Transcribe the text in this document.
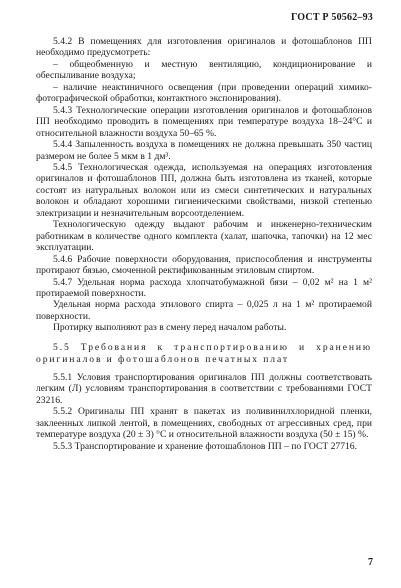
ГОСТ Р 50562–93

5.4.2 В помещениях для изготовления оригиналов и фотошаблонов ПП необходимо предусмотреть:

– общеобменную и местную вентиляцию, кондиционирование и обеспыливание воздуха;

– наличие неактиничного освещения (при проведении операций химико-фотографической обработки, контактного экспонирования).

5.4.3 Технологические операции изготовления оригиналов и фотошаблонов ПП необходимо проводить в помещениях при температуре воздуха 18–24°С и относительной влажности воздуха 50–65 %.

5.4.4 Запыленность воздуха в помещениях не должна превышать 350 частиц размером не более 5 мкм в 1 дм³.

5.4.5 Технологическая одежда, используемая на операциях изготовления оригиналов и фотошаблонов ПП, должна быть изготовлена из тканей, которые состоят из натуральных волокон или из смеси синтетических и натуральных волокон и обладают хорошими гигиеническими свойствами, низкой степенью электризации и незначительным ворсоотделением.

Технологическую одежду выдают рабочим и инженерно-техническим работникам в количестве одного комплекта (халат, шапочка, тапочки) на 12 мес эксплуатации.

5.4.6 Рабочие поверхности оборудования, приспособления и инструменты протирают бязью, смоченной ректификованным этиловым спиртом.

5.4.7 Удельная норма расхода хлопчатобумажной бязи – 0,02 м² на 1 м² протираемой поверхности.

Удельная норма расхода этилового спирта – 0,025 л на 1 м² протираемой поверхности.

Протирку выполняют раз в смену перед началом работы.

5.5 Требования к транспортированию и хранению оригиналов и фотошаблонов печатных плат

5.5.1 Условия транспортирования оригиналов ПП должны соответствовать легким (Л) условиям транспортирования в соответствии с требованиями ГОСТ 23216.

5.5.2 Оригиналы ПП хранят в пакетах из поливинилхлоридной пленки, заклеенных липкой лентой, в помещениях, свободных от агрессивных сред, при температуре воздуха (20 ± 3) °С и относительной влажности воздуха (50 ± 15) %.

5.5.3 Транспортирование и хранение фотошаблонов ПП – по ГОСТ 27716.

7
